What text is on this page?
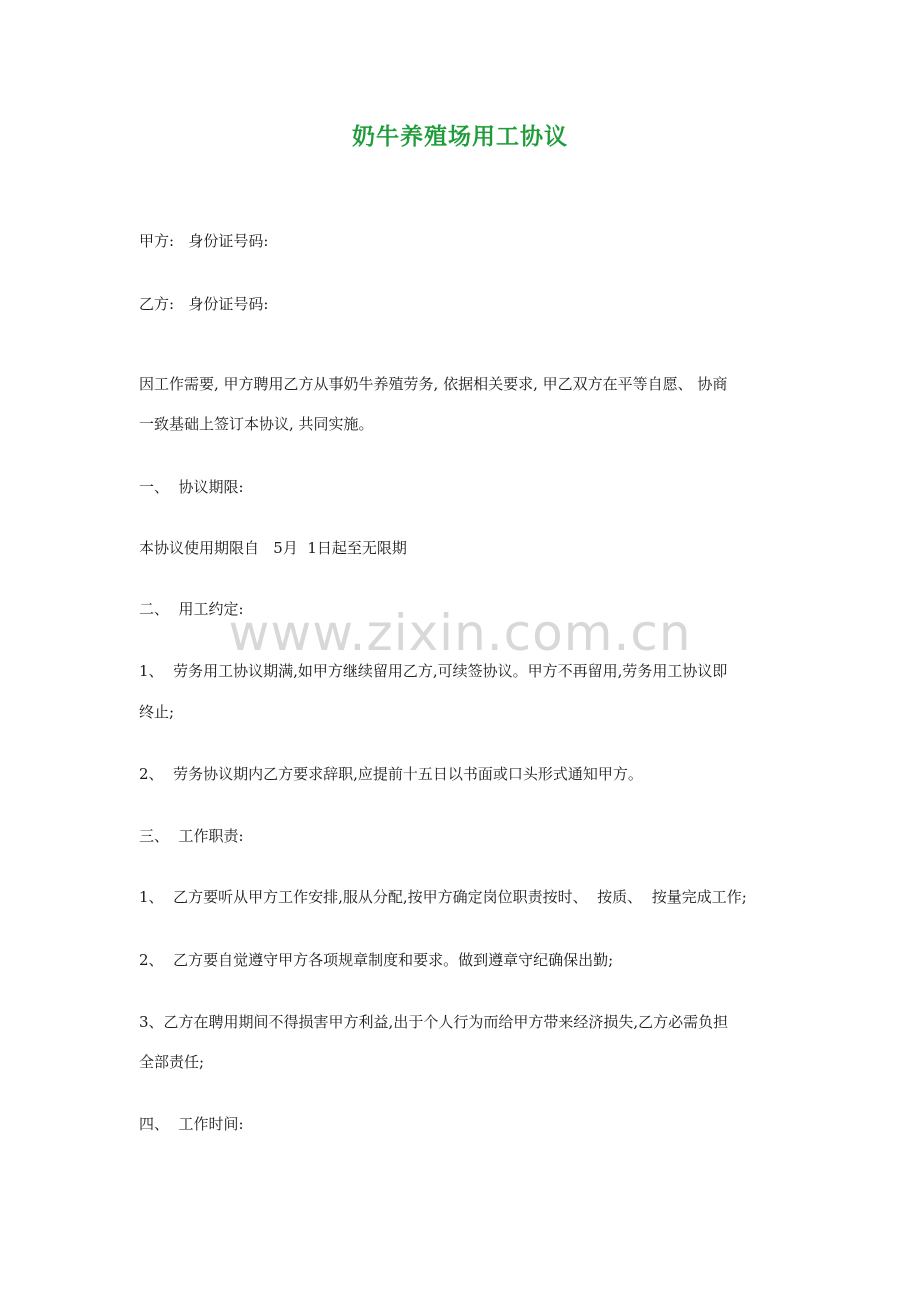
奶牛养殖场用工协议
甲方:   身份证号码:
乙方:   身份证号码:
因工作需要, 甲方聘用乙方从事奶牛养殖劳务, 依据相关要求, 甲乙双方在平等自愿、 协商
一致基础上签订本协议, 共同实施。
一、  协议期限:
本协议使用期限自   5月  1日起至无限期
二、  用工约定:
1、  劳务用工协议期满,如甲方继续留用乙方,可续签协议。甲方不再留用,劳务用工协议即
终止;
2、  劳务协议期内乙方要求辞职,应提前十五日以书面或口头形式通知甲方。
三、  工作职责:
1、  乙方要听从甲方工作安排,服从分配,按甲方确定岗位职责按时、  按质、  按量完成工作;
2、  乙方要自觉遵守甲方各项规章制度和要求。做到遵章守纪确保出勤;
3、乙方在聘用期间不得损害甲方利益,出于个人行为而给甲方带来经济损失,乙方必需负担
全部责任;
四、  工作时间:
www.zixin.com.cn
